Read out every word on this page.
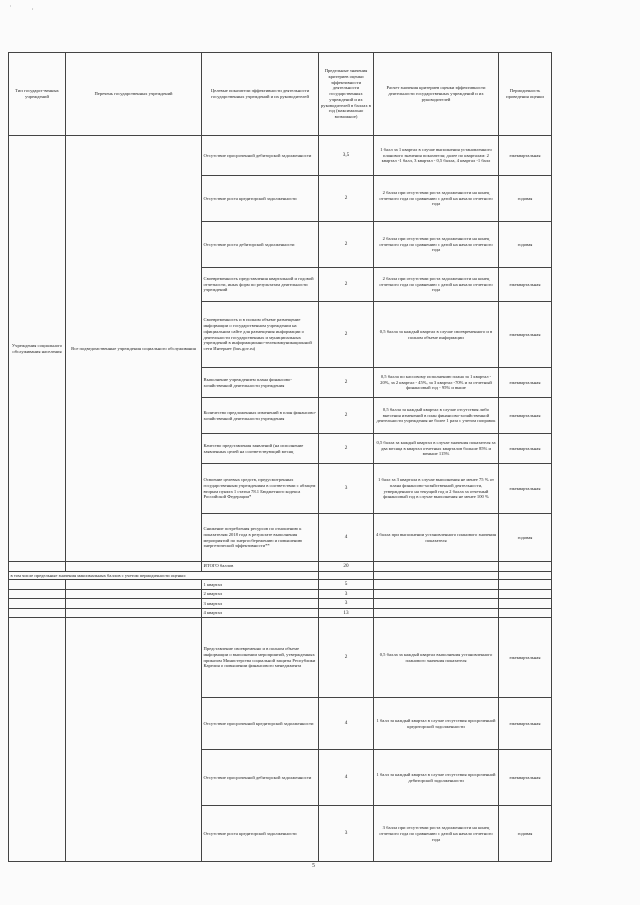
' ,
Тип государст-венных учреждений	Перечень государственных учреждений	Целевые показатели эффективности деятельности государственных учреждений и их руководителей	Предельные значения критериев оценки эффективности деятельности государственных учреждений и их руководителей в баллах в год (максимально возможное)	Расчет значения критериев оценки эффективности деятельности государственных учреждений и их руководителей	Периодичность проведения оценки
Учреждения социального обслуживания населения	Все подведомственные учреждения социального обслуживания	Отсутствие просроченной дебиторской задолженности	3,5	1 балл за 1 квартал в случае выполнения установленного планового значения показателя; далее по кварталам: 2 квартал -1 балл, 3 квартал - 0,5 балла, 4 квартал -1 балл	ежеквартальная
		Отсутствие роста кредиторской задолженности	2	2 балла при отсутствии роста задолженности на конец отчетного года по сравнению с датой на начало отчетного года	годовая
		Отсутствие роста дебиторской задолженности	2	2 балла при отсутствии роста задолженности на конец отчетного года по сравнению с датой на начало отчетного года	годовая
		Своевременность представления квартальной и годовой отчетности, иных форм по результатам деятельности учреждений	2	2 балла при отсутствии роста задолженности на конец отчетного года по сравнению с датой на начало отчетного года	ежеквартальная
		Своевременность и в полном объеме размещение информации о государственном учреждении на официальном сайте для размещения информации о деятельности государственных и муниципальных учреждений в информационно-телекоммуникационной сети Интернет (bus.gov.ru)	2	0,5 балла за каждый квартал в случае своевременного и в полном объеме информации	ежеквартальная
		Выполнение учреждением плана финансово-хозяйственной деятельности учреждения	2	0,5 балла по кассовому исполнению плана за 1 квартал - 20%, за 2 квартал - 45%, за 3 квартал -70% и за отчетный финансовый год - 95% и выше	ежеквартальная
		Количество предложенных изменений в план финансово-хозяйственной деятельности учреждения	2	0,5 балла за каждый квартал в случае отсутствия либо внесения изменений в план финансово-хозяйственной деятельности учреждения не более 1 раза с учетом поправок	ежеквартальная
		Качество представления заявлений (на исполнение заявленных целей на соответствующий месяц	2	0,5 балла за каждый квартал в случае значения показателя за два месяца в квартал отчетных кварталов больше 85% и меньше 115%	ежеквартальная
		Освоение целевых средств, предусмотренных государственным учреждениям в соответствии с абзацем вторым пункта 1 статьи 78.1 Бюджетного кодекса Российской Федерации*	3	1 балл за 3 квартала в случае выполнения не менее 75 % от плана финансово-хозяйственной деятельности, утвержденного на текущий год и 2 балла за отчетный финансовый год в случае выполнения не менее 100 %	ежеквартальная
		Снижение потребления ресурсов по отношению к показателям 2018 года в результате выполнения мероприятий по энергосбережению и повышению энергетической эффективности**	4	4 балла при выполнении установленного планового значения показателя	годовая
		ИТОГО баллов	20		
в том числе предельные значения максимальных баллов с учетом периодичности оценки:					
		1 квартал	5		
		2 квартал	3		
		3 квартал	3		
		4 квартал	13		
		Представление своевременно и в полном объеме информации о выполнении мероприятий, утвержденных приказом Министерства социальной защиты Республики Карелия о повышении финансового менеджмента	2	0,5 балла за каждый квартал выполнения установленного планового значения показателя	ежеквартальная
		Отсутствие просроченной кредиторской задолженности	4	1 балл за каждый квартал в случае отсутствия просроченной кредиторской задолженности	ежеквартальная
		Отсутствие просроченной дебиторской задолженности	4	1 балл за каждый квартал в случае отсутствия просроченной дебиторской задолженности	ежеквартальная
		Отсутствие роста кредиторской задолженности	3	3 балла при отсутствии роста задолженности на конец отчетного года по сравнению с датой на начало отчетного года	годовая
5
